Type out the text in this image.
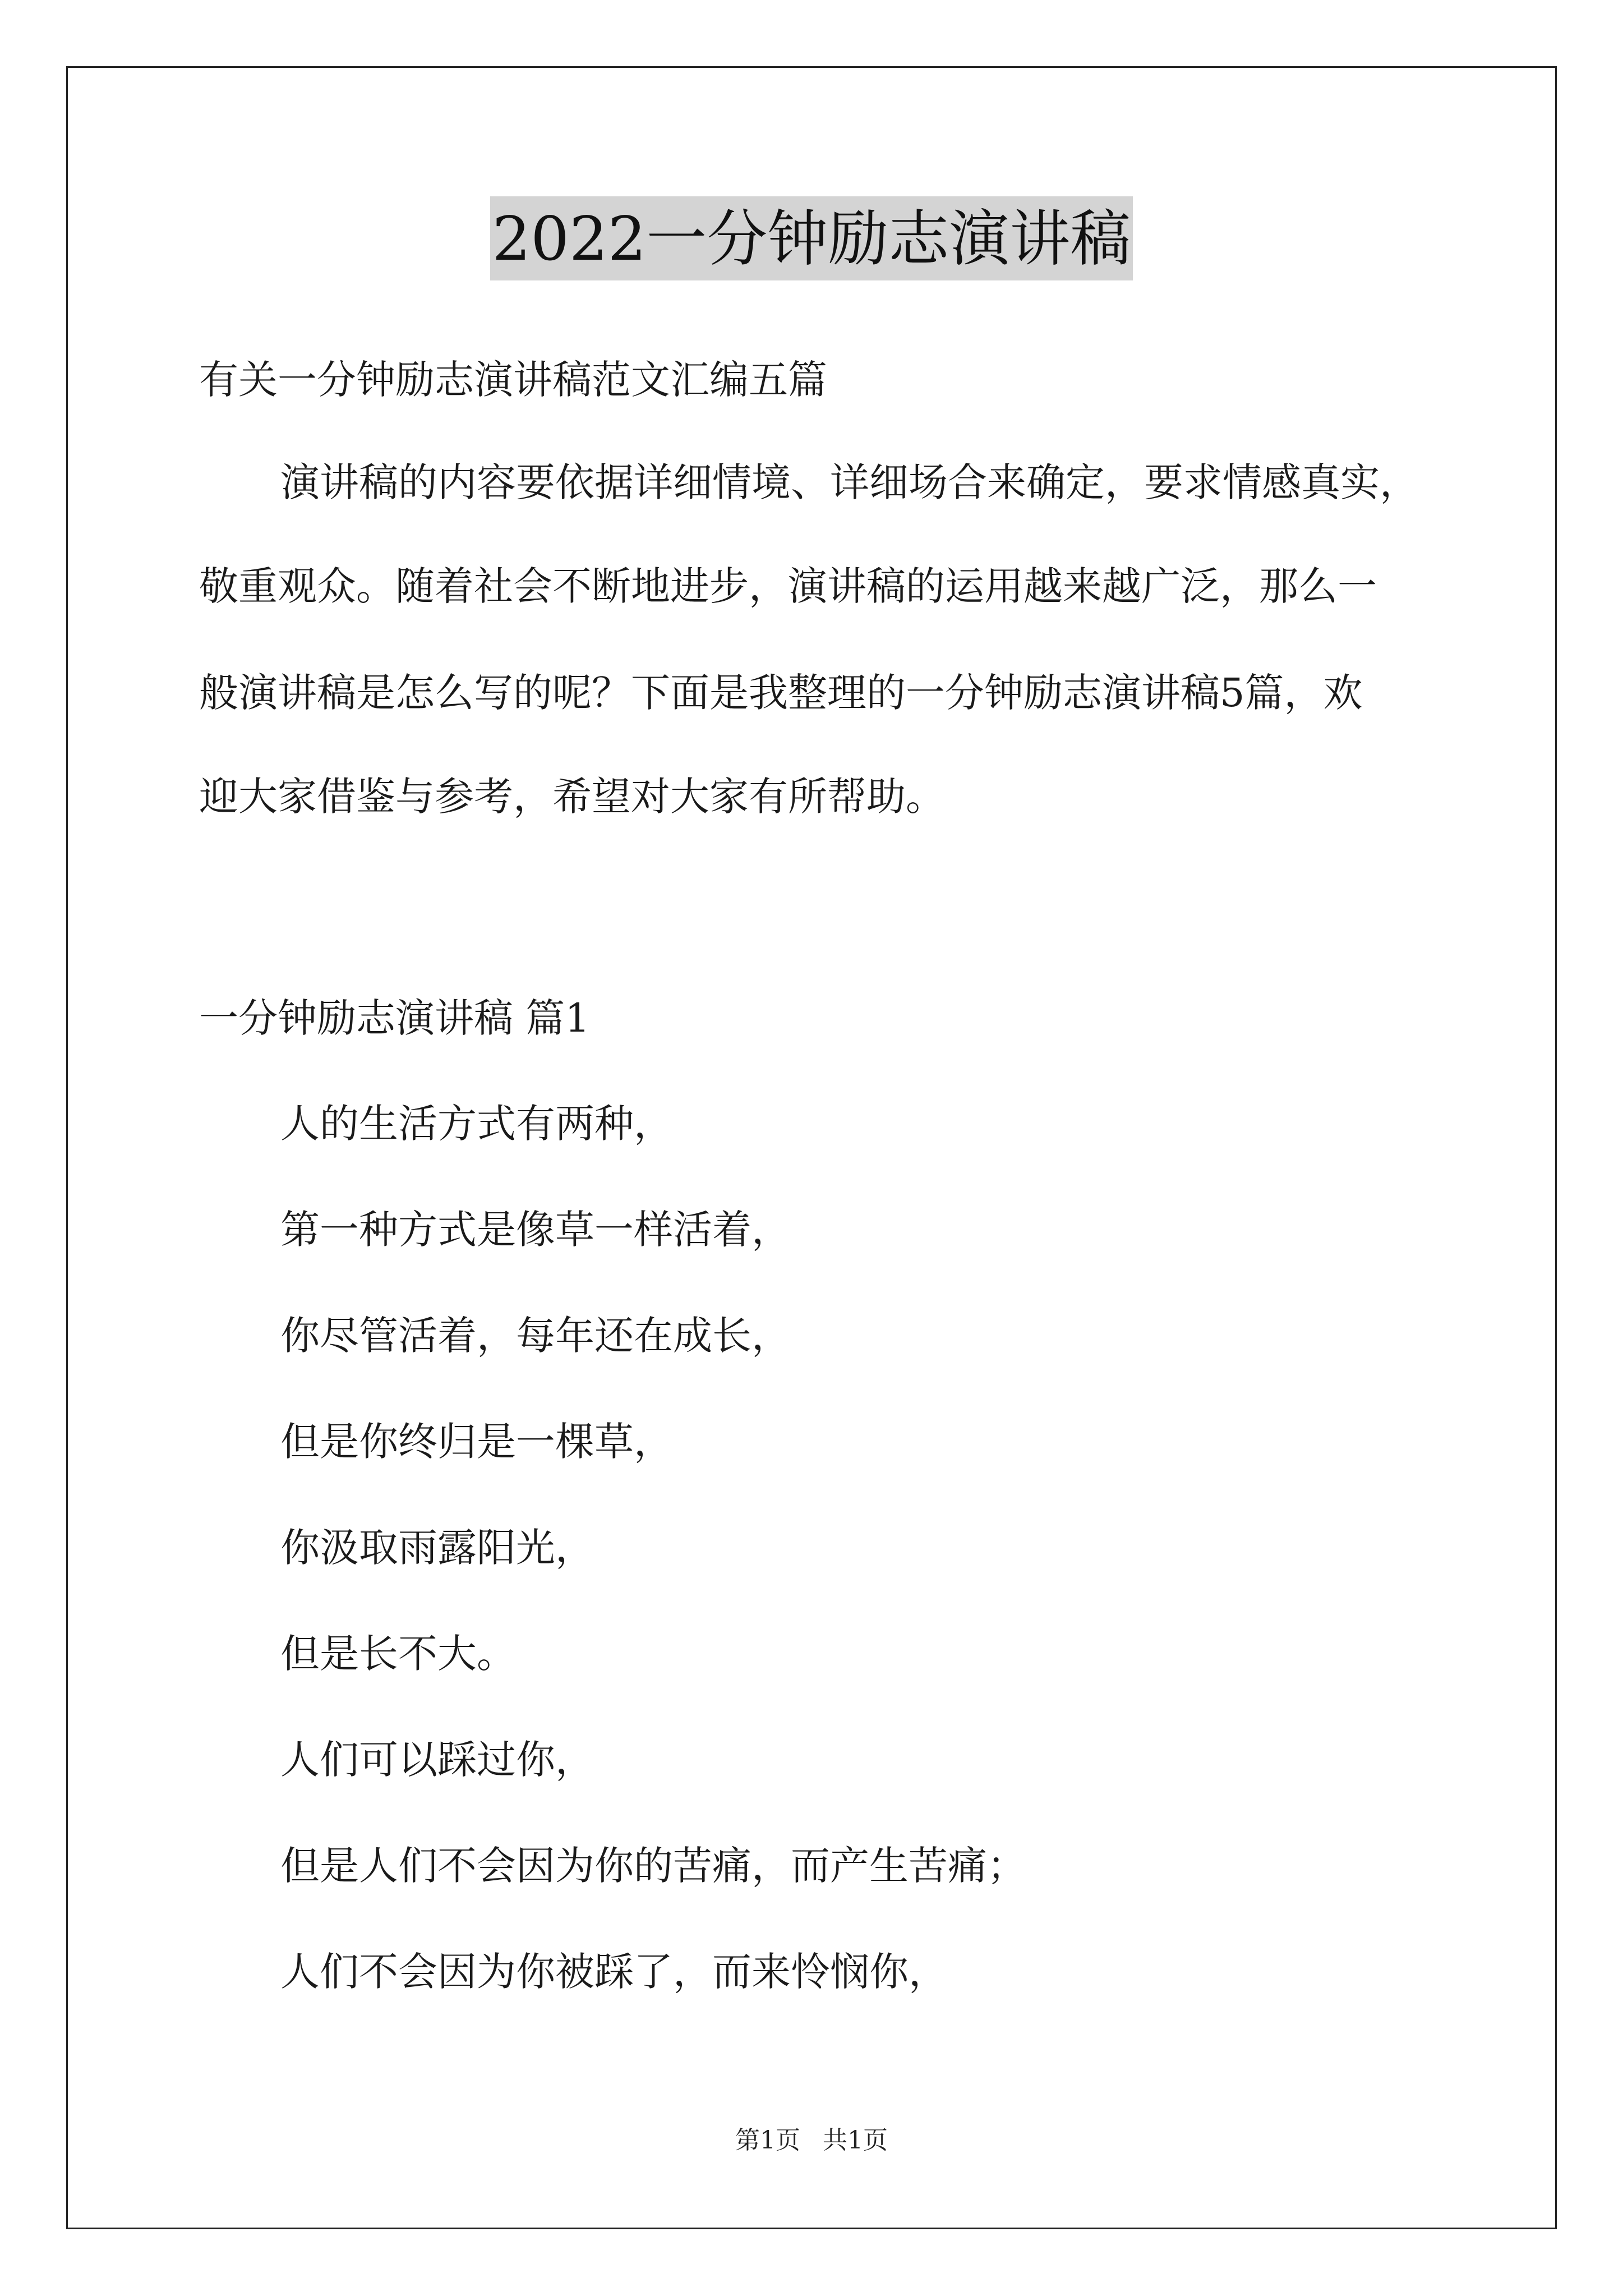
2022一分钟励志演讲稿
有关一分钟励志演讲稿范文汇编五篇
演讲稿的内容要依据详细情境、详细场合来确定，要求情感真实，
敬重观众。随着社会不断地进步，演讲稿的运用越来越广泛，那么一
般演讲稿是怎么写的呢？下面是我整理的一分钟励志演讲稿5篇，欢
迎大家借鉴与参考，希望对大家有所帮助。
一分钟励志演讲稿 篇1
人的生活方式有两种，
第一种方式是像草一样活着，
你尽管活着，每年还在成长，
但是你终归是一棵草，
你汲取雨露阳光，
但是长不大。
人们可以踩过你，
但是人们不会因为你的苦痛，而产生苦痛；
人们不会因为你被踩了，而来怜悯你，
第1页 共1页
